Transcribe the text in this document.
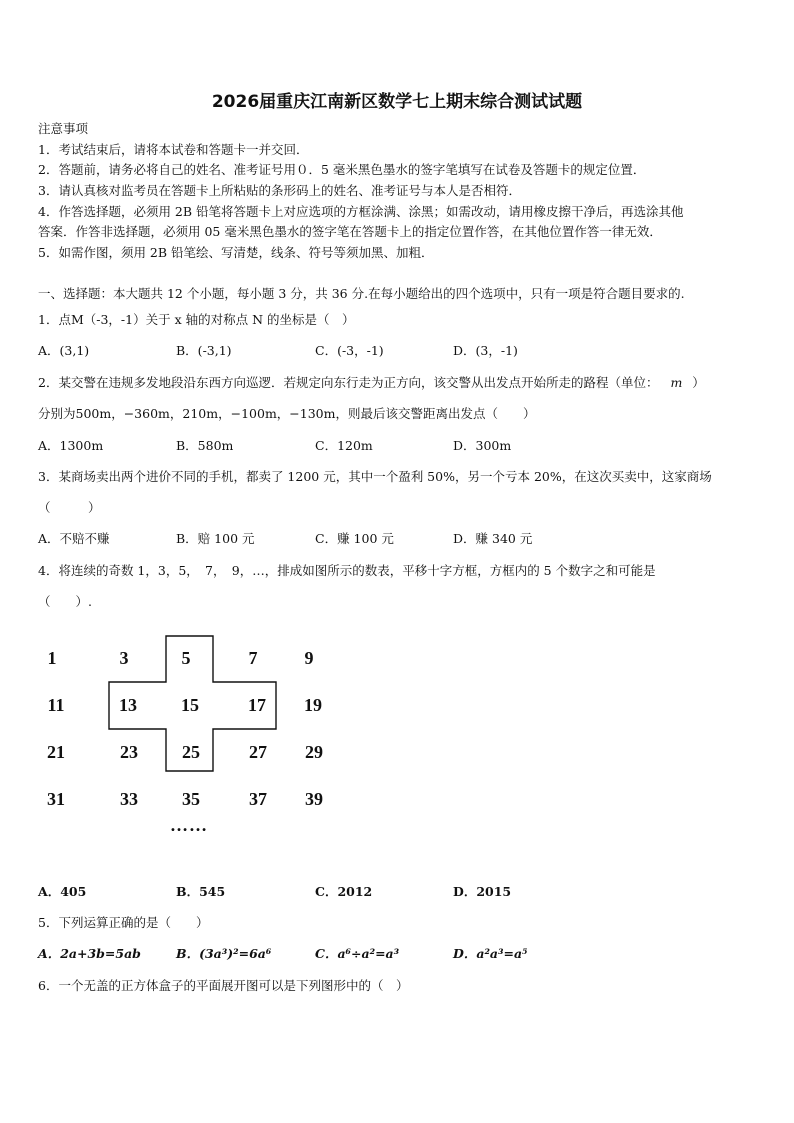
2026届重庆江南新区数学七上期末综合测试试题
注意事项
1．考试结束后，请将本试卷和答题卡一并交回．
2．答题前，请务必将自己的姓名、准考证号用０．5 毫米黑色墨水的签字笔填写在试卷及答题卡的规定位置．
3．请认真核对监考员在答题卡上所粘贴的条形码上的姓名、准考证号与本人是否相符．
4．作答选择题，必须用 2B 铅笔将答题卡上对应选项的方框涂满、涂黑；如需改动，请用橡皮擦干净后，再选涂其他
答案．作答非选择题，必须用 05 毫米黑色墨水的签字笔在答题卡上的指定位置作答，在其他位置作答一律无效．
5．如需作图，须用 2B 铅笔绘、写清楚，线条、符号等须加黑、加粗．
一、选择题：本大题共 12 个小题，每小题 3 分，共 36 分.在每小题给出的四个选项中，只有一项是符合题目要求的.
1．点M（-3，-1）关于 x 轴的对称点 N 的坐标是（　）
A．(3,1)	B．(-3,1)	C．(-3，-1)	D．(3，-1)
2．某交警在违规多发地段沿东西方向巡逻．若规定向东行走为正方向，该交警从出发点开始所走的路程（单位： m ）
分别为500m，−360m，210m，−100m，−130m，则最后该交警距离出发点（　　）
A．1300m	B．580m	C．120m	D．300m
3．某商场卖出两个进价不同的手机，都卖了 1200 元，其中一个盈利 50%，另一个亏本 20%，在这次买卖中，这家商场
（　　　）
A．不赔不赚	B．赔 100 元	C．赚 100 元	D．赚 340 元
4．将连续的奇数 1，3，5，　7，　9，…，排成如图所示的数表，平移十字方框，方框内的 5 个数字之和可能是
（　　）.
1	3	5	7	9
11	13	15	17	19
21	23	25	27	29
31	33	35	37	39
……
A．405	B．545	C．2012	D．2015
5．下列运算正确的是（　　）
A．2a+3b=5ab	B．(3a³)²=6a⁶	C．a⁶÷a²=a³	D．a²a³=a⁵
6．一个无盖的正方体盒子的平面展开图可以是下列图形中的（　）
